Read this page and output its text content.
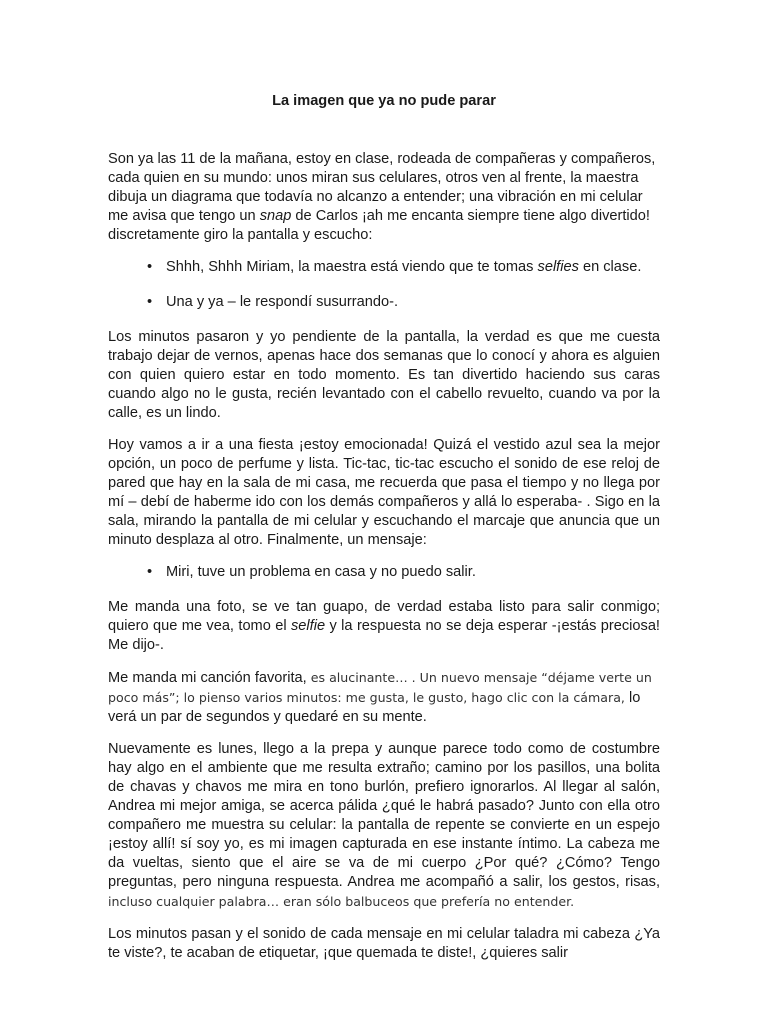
La imagen que ya no pude parar

Son ya las 11 de la mañana, estoy en clase, rodeada de compañeras y compañeros, cada quien en su mundo: unos miran sus celulares, otros ven al frente, la maestra dibuja un diagrama que todavía no alcanzo a entender; una vibración en mi celular me avisa que tengo un snap de Carlos ¡ah me encanta siempre tiene algo divertido! discretamente giro la pantalla y escucho:

• Shhh, Shhh Miriam, la maestra está viendo que te tomas selfies en clase.
• Una y ya – le respondí susurrando-.

Los minutos pasaron y yo pendiente de la pantalla, la verdad es que me cuesta trabajo dejar de vernos, apenas hace dos semanas que lo conocí y ahora es alguien con quien quiero estar en todo momento. Es tan divertido haciendo sus caras cuando algo no le gusta, recién levantado con el cabello revuelto, cuando va por la calle, es un lindo.

Hoy vamos a ir a una fiesta ¡estoy emocionada! Quizá el vestido azul sea la mejor opción, un poco de perfume y lista. Tic-tac, tic-tac escucho el sonido de ese reloj de pared que hay en la sala de mi casa, me recuerda que pasa el tiempo y no llega por mí – debí de haberme ido con los demás compañeros y allá lo esperaba- . Sigo en la sala, mirando la pantalla de mi celular y escuchando el marcaje que anuncia que un minuto desplaza al otro. Finalmente, un mensaje:

• Miri, tuve un problema en casa y no puedo salir.

Me manda una foto, se ve tan guapo, de verdad estaba listo para salir conmigo; quiero que me vea, tomo el selfie y la respuesta no se deja esperar -¡estás preciosa! Me dijo-.

Me manda mi canción favorita, es alucinante… . Un nuevo mensaje “déjame verte un poco más”; lo pienso varios minutos: me gusta, le gusto, hago clic con la cámara, lo verá un par de segundos y quedaré en su mente.

Nuevamente es lunes, llego a la prepa y aunque parece todo como de costumbre hay algo en el ambiente que me resulta extraño; camino por los pasillos, una bolita de chavas y chavos me mira en tono burlón, prefiero ignorarlos. Al llegar al salón, Andrea mi mejor amiga, se acerca pálida ¿qué le habrá pasado? Junto con ella otro compañero me muestra su celular: la pantalla de repente se convierte en un espejo ¡estoy allí! sí soy yo, es mi imagen capturada en ese instante íntimo. La cabeza me da vueltas, siento que el aire se va de mi cuerpo ¿Por qué? ¿Cómo? Tengo preguntas, pero ninguna respuesta. Andrea me acompañó a salir, los gestos, risas, incluso cualquier palabra… eran sólo balbuceos que prefería no entender.

Los minutos pasan y el sonido de cada mensaje en mi celular taladra mi cabeza ¿Ya te viste?, te acaban de etiquetar, ¡que quemada te diste!, ¿quieres salir
